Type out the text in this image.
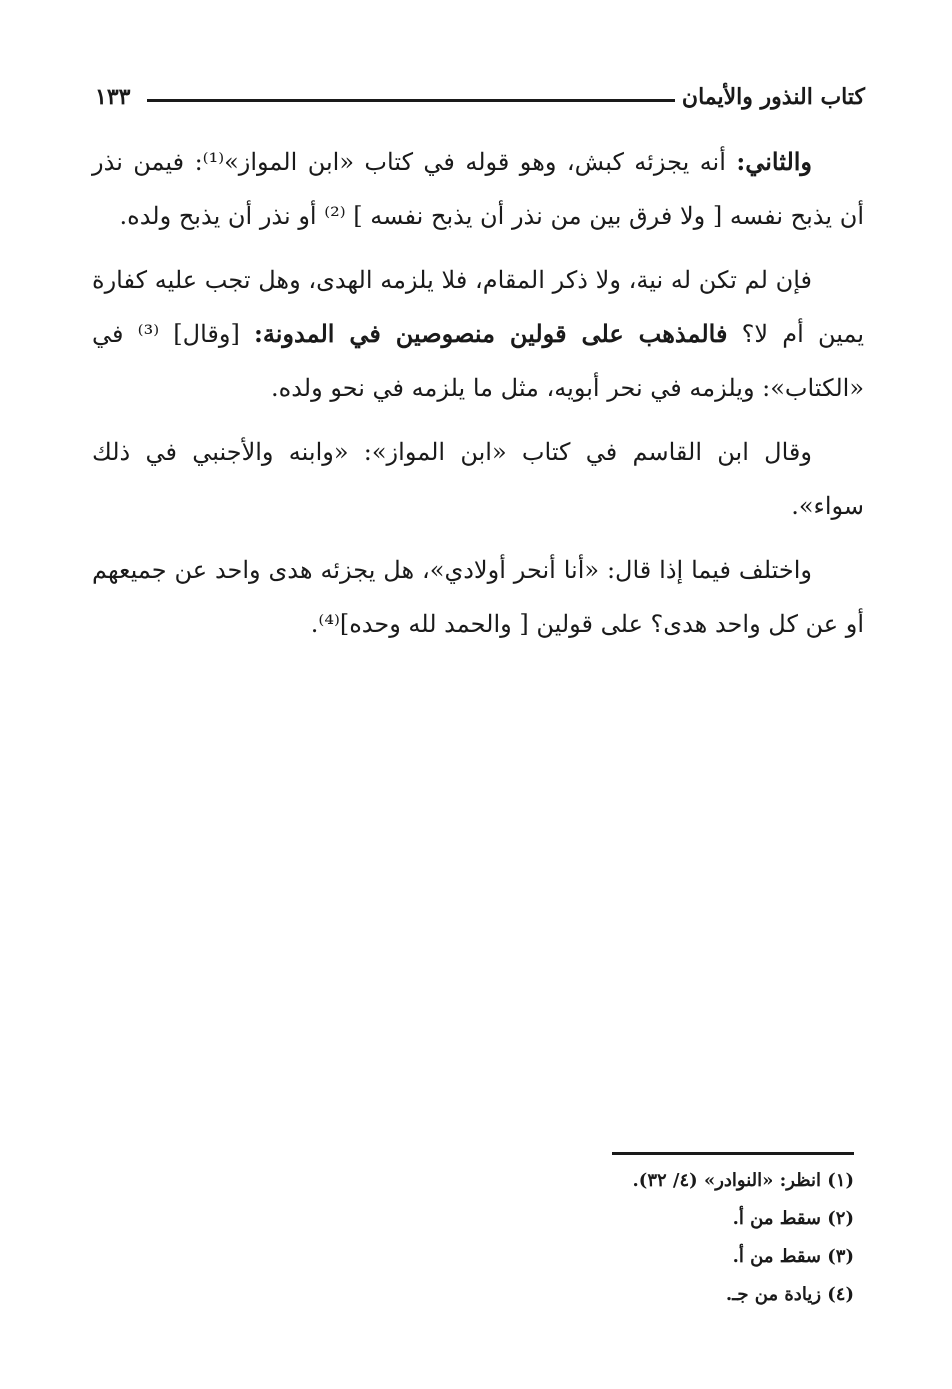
كتاب النذور والأيمان
١٣٣

والثاني: أنه يجزئه كبش، وهو قوله في كتاب «ابن المواز»⁽¹⁾: فيمن نذر أن يذبح نفسه [ ولا فرق بين من نذر أن يذبح نفسه ] ⁽²⁾ أو نذر أن يذبح ولده.

فإن لم تكن له نية، ولا ذكر المقام، فلا يلزمه الهدى، وهل تجب عليه كفارة يمين أم لا؟ فالمذهب على قولين منصوصين في المدونة: [وقال] ⁽³⁾ في «الكتاب»: ويلزمه في نحر أبويه، مثل ما يلزمه في نحو ولده.

وقال ابن القاسم في كتاب «ابن المواز»: «وابنه والأجنبي في ذلك سواء».

واختلف فيما إذا قال: «أنا أنحر أولادي»، هل يجزئه هدى واحد عن جميعهم أو عن كل واحد هدى؟ على قولين [ والحمد لله وحده]⁽⁴⁾.

(١) انظر: «النوادر» (٤/ ٣٢).
(٢) سقط من أ.
(٣) سقط من أ.
(٤) زيادة من جـ.
